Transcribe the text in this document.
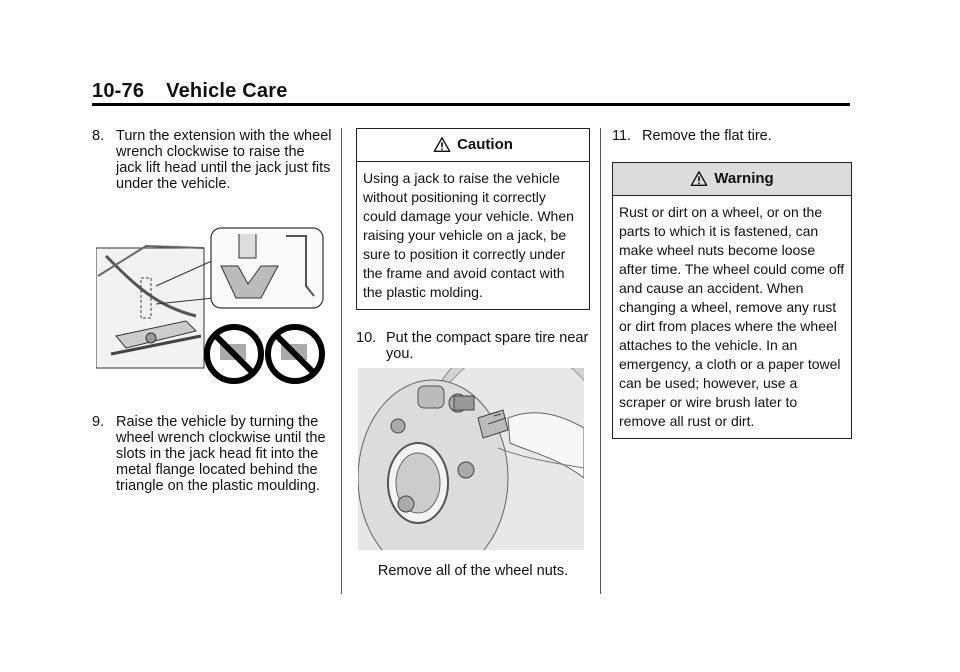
10-76 Vehicle Care
8. Turn the extension with the wheel wrench clockwise to raise the jack lift head until the jack just fits under the vehicle.
9. Raise the vehicle by turning the wheel wrench clockwise until the slots in the jack head fit into the metal flange located behind the triangle on the plastic moulding.
Caution
Using a jack to raise the vehicle without positioning it correctly could damage your vehicle. When raising your vehicle on a jack, be sure to position it correctly under the frame and avoid contact with the plastic molding.
10. Put the compact spare tire near you.
Remove all of the wheel nuts.
11. Remove the flat tire.
Warning
Rust or dirt on a wheel, or on the parts to which it is fastened, can make wheel nuts become loose after time. The wheel could come off and cause an accident. When changing a wheel, remove any rust or dirt from places where the wheel attaches to the vehicle. In an emergency, a cloth or a paper towel can be used; however, use a scraper or wire brush later to remove all rust or dirt.
